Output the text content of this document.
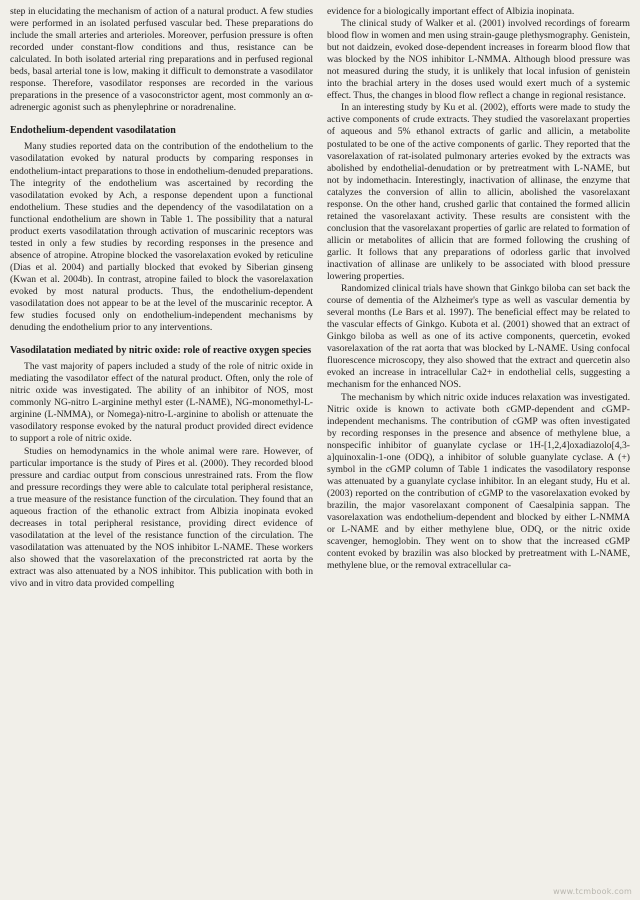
step in elucidating the mechanism of action of a natural product. A few studies were performed in an isolated perfused vascular bed. These preparations do include the small arteries and arterioles. Moreover, perfusion pressure is often recorded under constant-flow conditions and thus, resistance can be calculated. In both isolated arterial ring preparations and in perfused regional beds, basal arterial tone is low, making it difficult to demonstrate a vasodilator response. Therefore, vasodilator responses are recorded in the various preparations in the presence of a vasoconstrictor agent, most commonly an α-adrenergic agonist such as phenylephrine or noradrenaline.

Endothelium-dependent vasodilatation

Many studies reported data on the contribution of the endothelium to the vasodilatation evoked by natural products by comparing responses in endothelium-intact preparations to those in endothelium-denuded preparations. The integrity of the endothelium was ascertained by recording the vasodilatation evoked by Ach, a response dependent upon a functional endothelium. These studies and the dependency of the vasodilatation on a functional endothelium are shown in Table 1. The possibility that a natural product exerts vasodilatation through activation of muscarinic receptors was tested in only a few studies by recording responses in the presence and absence of atropine. Atropine blocked the vasorelaxation evoked by reticuline (Dias et al. 2004) and partially blocked that evoked by Siberian ginseng (Kwan et al. 2004b). In contrast, atropine failed to block the vasorelaxation evoked by most natural products. Thus, the endothelium-dependent vasodilatation does not appear to be at the level of the muscarinic receptor. A few studies focused only on endothelium-independent mechanisms by denuding the endothelium prior to any interventions.

Vasodilatation mediated by nitric oxide: role of reactive oxygen species

The vast majority of papers included a study of the role of nitric oxide in mediating the vasodilator effect of the natural product. Often, only the role of nitric oxide was investigated. The ability of an inhibitor of NOS, most commonly NG-nitro L-arginine methyl ester (L-NAME), NG-monomethyl-L-arginine (L-NMMA), or Nomega)-nitro-L-arginine to abolish or attenuate the vasodilatory response evoked by the natural product provided direct evidence to support a role of nitric oxide.

Studies on hemodynamics in the whole animal were rare. However, of particular importance is the study of Pires et al. (2000). They recorded blood pressure and cardiac output from conscious unrestrained rats. From the flow and pressure recordings they were able to calculate total peripheral resistance, a true measure of the resistance function of the circulation. They found that an aqueous fraction of the ethanolic extract from Albizia inopinata evoked decreases in total peripheral resistance, providing direct evidence of vasodilatation at the level of the resistance function of the circulation. The vasodilatation was attenuated by the NOS inhibitor L-NAME. These workers also showed that the vasorelaxation of the preconstricted rat aorta by the extract was also attenuated by a NOS inhibitor. This publication with both in vivo and in vitro data provided compelling

evidence for a biologically important effect of Albizia inopinata.

The clinical study of Walker et al. (2001) involved recordings of forearm blood flow in women and men using strain-gauge plethysmography. Genistein, but not daidzein, evoked dose-dependent increases in forearm blood flow that was blocked by the NOS inhibitor L-NMMA. Although blood pressure was not measured during the study, it is unlikely that local infusion of genistein into the brachial artery in the doses used would exert much of a systemic effect. Thus, the changes in blood flow reflect a change in regional resistance.

In an interesting study by Ku et al. (2002), efforts were made to study the active components of crude extracts. They studied the vasorelaxant properties of aqueous and 5% ethanol extracts of garlic and allicin, a metabolite postulated to be one of the active components of garlic. They reported that the vasorelaxation of rat-isolated pulmonary arteries evoked by the extracts was abolished by endothelial-denudation or by pretreatment with L-NAME, but not by indomethacin. Interestingly, inactivation of allinase, the enzyme that catalyzes the conversion of allin to allicin, abolished the vasorelaxant response. On the other hand, crushed garlic that contained the formed allicin retained the vasorelaxant activity. These results are consistent with the conclusion that the vasorelaxant properties of garlic are related to formation of allicin or metabolites of allicin that are formed following the crushing of garlic. It follows that any preparations of odorless garlic that involved inactivation of allinase are unlikely to be associated with blood pressure lowering properties.

Randomized clinical trials have shown that Ginkgo biloba can set back the course of dementia of the Alzheimer's type as well as vascular dementia by several months (Le Bars et al. 1997). The beneficial effect may be related to the vascular effects of Ginkgo. Kubota et al. (2001) showed that an extract of Ginkgo biloba as well as one of its active components, quercetin, evoked vasorelaxation of the rat aorta that was blocked by L-NAME. Using confocal fluorescence microscopy, they also showed that the extract and quercetin also evoked an increase in intracellular Ca2+ in endothelial cells, suggesting a mechanism for the enhanced NOS.

The mechanism by which nitric oxide induces relaxation was investigated. Nitric oxide is known to activate both cGMP-dependent and cGMP-independent mechanisms. The contribution of cGMP was often investigated by recording responses in the presence and absence of methylene blue, a nonspecific inhibitor of guanylate cyclase or 1H-[1,2,4]oxadiazolo[4,3-a]quinoxalin-1-one (ODQ), a inhibitor of soluble guanylate cyclase. A (+) symbol in the cGMP column of Table 1 indicates the vasodilatory response was attenuated by a guanylate cyclase inhibitor. In an elegant study, Hu et al. (2003) reported on the contribution of cGMP to the vasorelaxation evoked by brazilin, the major vasorelaxant component of Caesalpinia sappan. The vasorelaxation was endothelium-dependent and blocked by either L-NMMA or L-NAME and by either methylene blue, ODQ, or the nitric oxide scavenger, hemoglobin. They went on to show that the increased cGMP content evoked by brazilin was also blocked by pretreatment with L-NAME, methylene blue, or the removal extracellular ca-

www.tcmbook.com
